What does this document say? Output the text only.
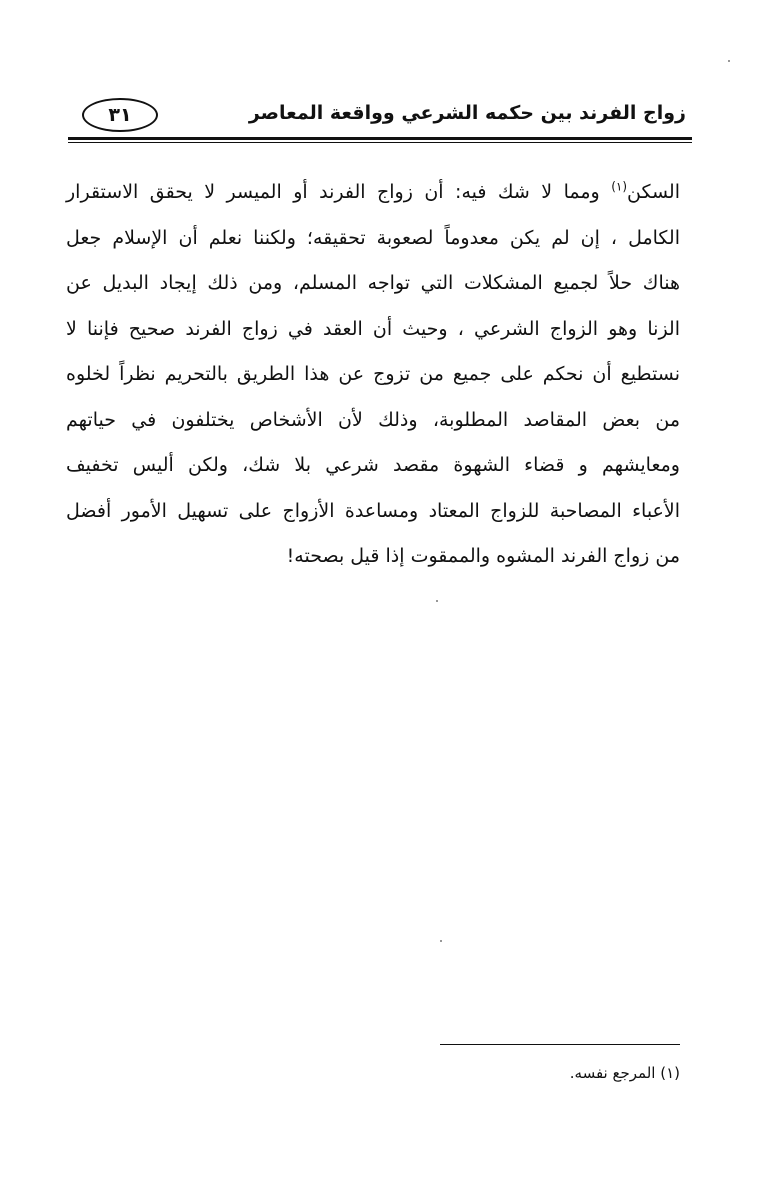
٣١	زواج الفرند بين حكمه الشرعي وواقعة المعاصر
السكن$^{(١)}$ ومما لا شك فيه: أن زواج الفرند أو الميسر لا يحقق الاستقرار
الكامل ، إن لم يكن معدوماً لصعوبة تحقيقه؛ ولكننا نعلم أن الإسلام جعل
هناك حلاً لجميع المشكلات التي تواجه المسلم، ومن ذلك إيجاد البديل عن
الزنا وهو الزواج الشرعي ، وحيث أن العقد في زواج الفرند صحيح فإننا لا
نستطيع أن نحكم على جميع من تزوج عن هذا الطريق بالتحريم نظراً لخلوه
من بعض المقاصد المطلوبة، وذلك لأن الأشخاص يختلفون في حياتهم
ومعايشهم و قضاء الشهوة مقصد شرعي بلا شك، ولكن أليس تخفيف
الأعباء المصاحبة للزواج المعتاد ومساعدة الأزواج على تسهيل الأمور أفضل
من زواج الفرند المشوه والممقوت إذا قيل بصحته!
(١) المرجع نفسه.
